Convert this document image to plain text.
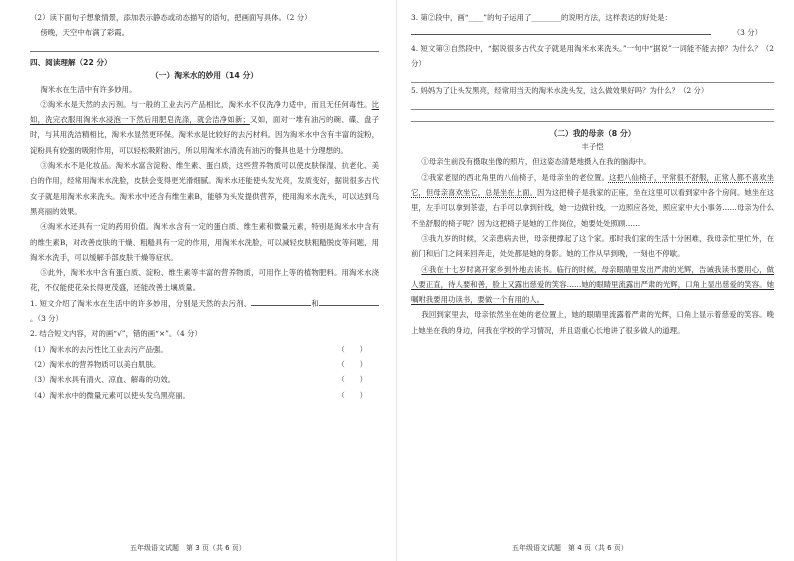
（2）读下面句子想象情景，添加表示静态或动态描写的语句，把画面写具体。（2 分）

傍晚，天空中布满了彩霞。

四、阅读理解（22 分）
（一）淘米水的妙用（14 分）

淘米水在生活中有许多妙用。

②淘米水是天然的去污剂。与一般的工业去污产品相比，淘米水不仅洗净力适中，而且无任何毒性。比如，洗完衣服用淘米水浸泡一下然后用肥皂洗涤，就会洁净如新；又如，面对一堆有油污的碗、碟、盘子时，与其用洗洁精相比，淘米水显然更环保。淘米水是比较好的去污材料。因为淘米水中含有丰富的淀粉，淀粉具有较强的吸附作用，可以轻松吸附油污，所以用淘米水清洗有油污的餐具也是十分理想的。

③淘米水不是化妆品。淘米水富含淀粉、维生素、蛋白质，这些营养物质可以使皮肤保湿、抗老化、美白的作用，经常用淘米水洗脸，皮肤会变得更光滑细腻。淘米水还能使头发光亮，发质变好，据说很多古代女子就是用淘米水来洗头。淘米水中还含有维生素B，能够为头发提供营养，使用淘米水洗头，可以达到乌黑亮丽的效果。

④淘米水还具有一定的药用价值。淘米水含有一定的蛋白质、维生素和微量元素，特别是淘米水中含有的维生素B，对改善皮肤的干燥、粗糙具有一定的作用，用淘米水洗脸，可以减轻皮肤粗糙脱皮等问题，用淘米水洗手，可以缓解手部皮肤干燥等症状。

⑤此外，淘米水中含有蛋白质、淀粉、维生素等丰富的营养物质，可用作上等的植物肥料。用淘米水浇花，不仅能使花朵长得更茂盛，还能改善土壤质量。

1. 短文介绍了淘米水在生活中的许多妙用，分别是天然的去污剂、	和。（3 分）

2. 结合短文内容，对的画“√”，错的画“×”。（4 分）

（1）淘米水的去污性比工业去污产品强。	（　　）
（2）淘米水的营养物质可以美白肌肤。	（　　）
（3）淘米水具有清火、凉血、解毒的功效。	（　　）
（4）淘米水中的微量元素可以使头发乌黑亮丽。	（　　）
五年级语文试题　第 3 页（共 6 页）

3. 第②段中，画“____”的句子运用了________的说明方法，这样表达的好处是：

（3 分）

4. 短文第③自然段中，“据说很多古代女子就是用淘米水来洗头。”一句中“据说”一词能不能去掉？为什么？（2 分）

5. 妈妈为了让头发黑亮，经常用当天的淘米水洗头发，这么做效果好吗？为什么？（2 分）

（二）我的母亲（8 分）
丰子恺

①母亲生前没有摄取坐像的照片，但这姿态清楚地摄入在我的脑海中。

②我家老屋的西北角里的八仙椅子，是母亲坐的老位置。这把八仙椅子，平常很不舒服，正常人都不喜欢坐它，但母亲喜欢坐它，总是坐在上面。因为这把椅子是我家的正座，坐在这里可以看到家中各个房间。她坐在这里，左手可以拿到茶壶，右手可以拿到针线，她一边做针线，一边照应各处，照应家中大小事务……母亲为什么不坐舒服的椅子呢？因为这把椅子是她的工作岗位，她要处处照顾……

③我九岁的时候，父亲患病去世，母亲便撑起了这个家。那时我们家的生活十分困难，我母亲忙里忙外，在前门和后门之间来回奔走，处处都是她的身影。她的工作从早到晚，一刻也不停歇。

④我在十七岁时离开家乡到外地去读书。临行的时候，母亲眼睛里发出严肃的光辉，告诫我读书要用心，做人要正直，待人要和善，脸上又露出慈爱的笑容……她的眼睛里流露出严肃的光辉，口角上显出慈爱的笑容。她嘱咐我要用功读书，要做一个有用的人。

我回到家里去，母亲依然坐在她的老位置上，她的眼睛里流露着严肃的光辉，口角上显示着慈爱的笑容。晚上她坐在我的身边，问我在学校的学习情况，并且语重心长地讲了很多做人的道理。

五年级语文试题　第 4 页（共 6 页）
